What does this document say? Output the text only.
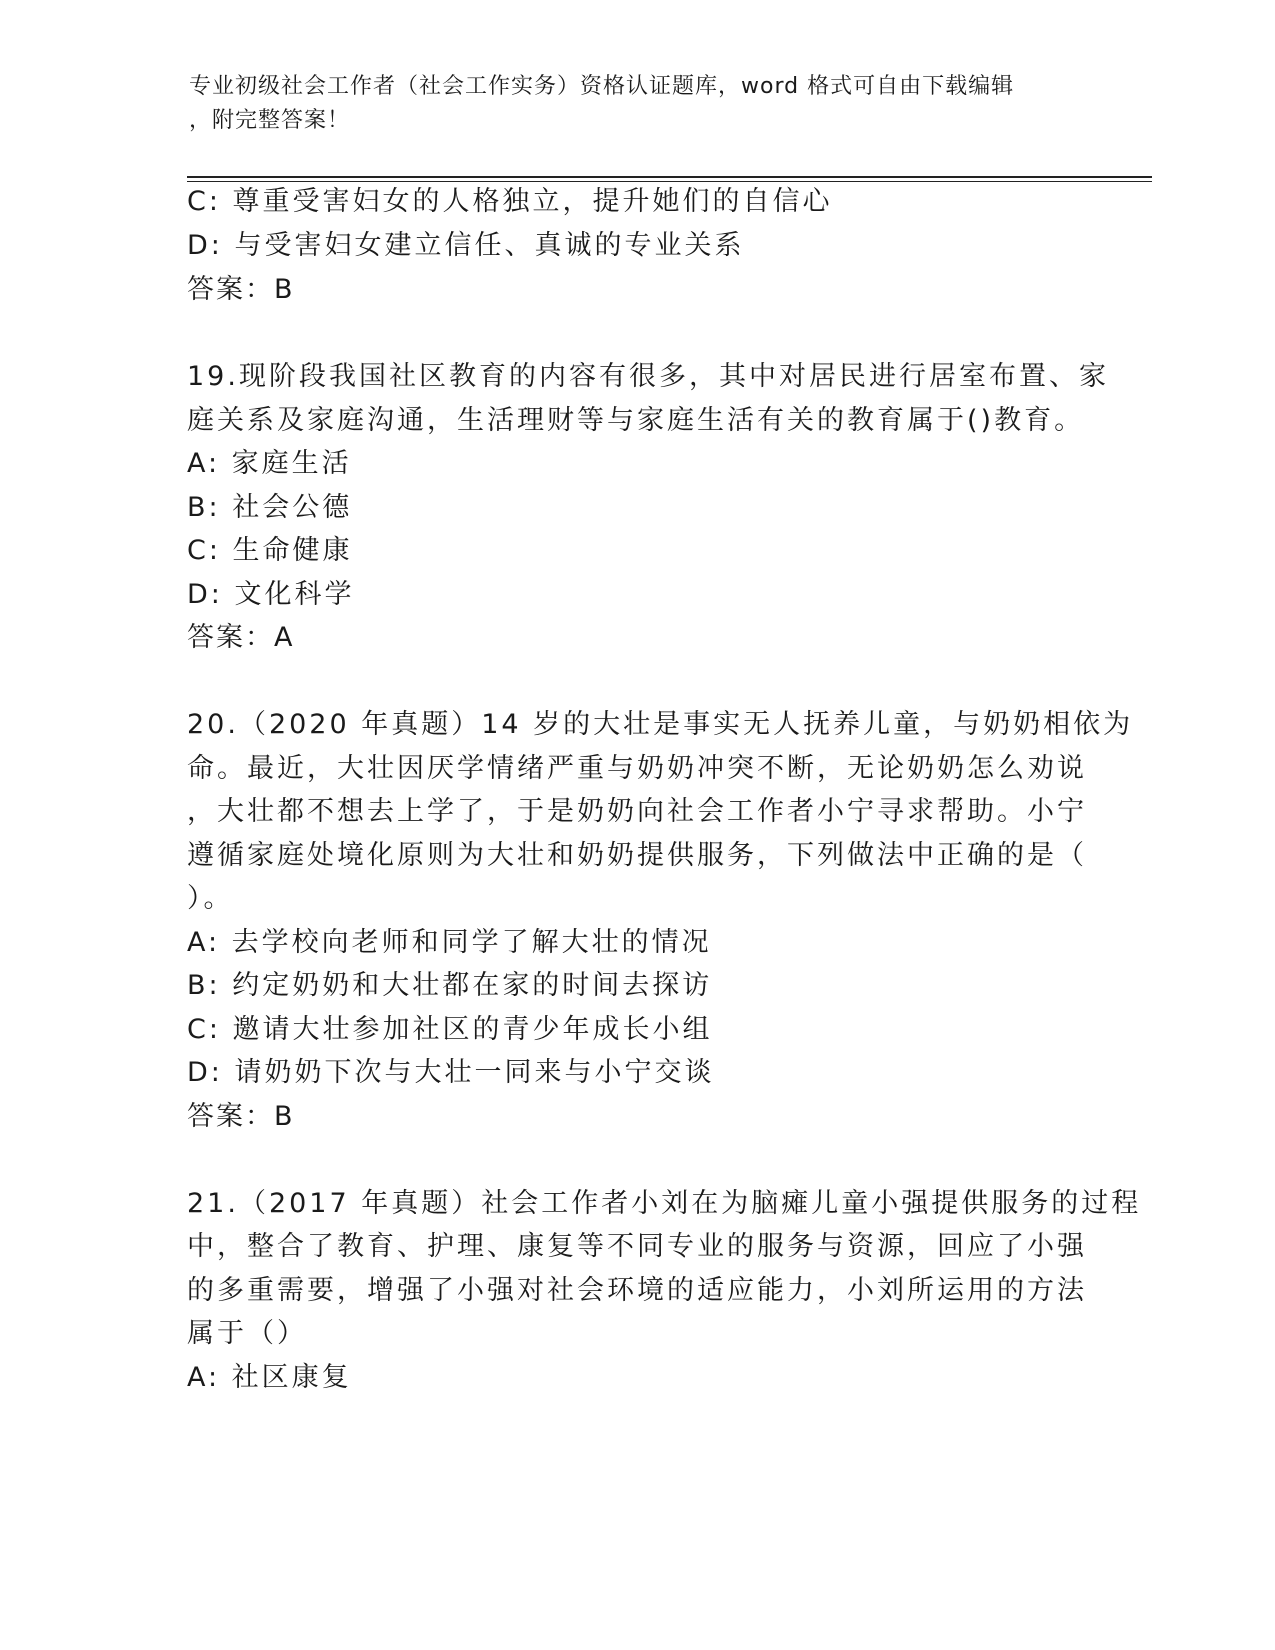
专业初级社会工作者（社会工作实务）资格认证题库，word 格式可自由下载编辑
，附完整答案！
C: 尊重受害妇女的人格独立，提升她们的自信心
D: 与受害妇女建立信任、真诚的专业关系
答案：B
19.现阶段我国社区教育的内容有很多，其中对居民进行居室布置、家
庭关系及家庭沟通，生活理财等与家庭生活有关的教育属于()教育。
A: 家庭生活
B: 社会公德
C: 生命健康
D: 文化科学
答案：A
20.（2020 年真题）14 岁的大壮是事实无人抚养儿童，与奶奶相依为
命。最近，大壮因厌学情绪严重与奶奶冲突不断，无论奶奶怎么劝说
，大壮都不想去上学了，于是奶奶向社会工作者小宁寻求帮助。小宁
遵循家庭处境化原则为大壮和奶奶提供服务，下列做法中正确的是（
）。
A: 去学校向老师和同学了解大壮的情况
B: 约定奶奶和大壮都在家的时间去探访
C: 邀请大壮参加社区的青少年成长小组
D: 请奶奶下次与大壮一同来与小宁交谈
答案：B
21.（2017 年真题）社会工作者小刘在为脑瘫儿童小强提供服务的过程
中，整合了教育、护理、康复等不同专业的服务与资源，回应了小强
的多重需要，增强了小强对社会环境的适应能力，小刘所运用的方法
属于（）
A: 社区康复
